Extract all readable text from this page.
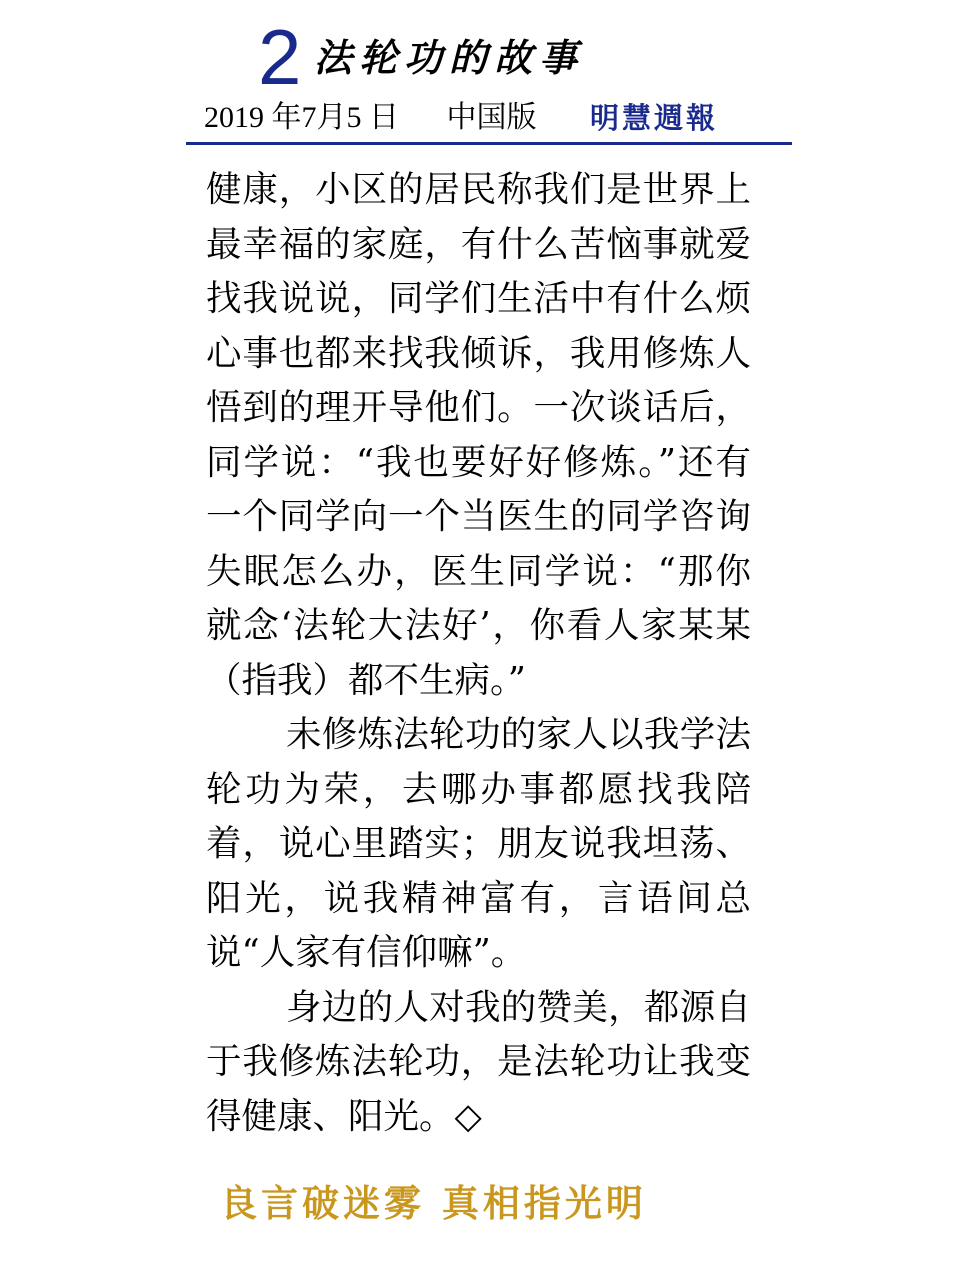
2 法轮功的故事
2019 年7月5 日 中国版 明慧週報

健康，小区的居民称我们是世界上最幸福的家庭，有什么苦恼事就爱找我说说，同学们生活中有什么烦心事也都来找我倾诉，我用修炼人悟到的理开导他们。一次谈话后，同学说：“我也要好好修炼。”还有一个同学向一个当医生的同学咨询失眠怎么办，医生同学说：“那你就念‘法轮大法好’，你看人家某某（指我）都不生病。”

未修炼法轮功的家人以我学法轮功为荣，去哪办事都愿找我陪着，说心里踏实；朋友说我坦荡、阳光，说我精神富有，言语间总说“人家有信仰嘛”。

身边的人对我的赞美，都源自于我修炼法轮功，是法轮功让我变得健康、阳光。◇

良言破迷雾 真相指光明
